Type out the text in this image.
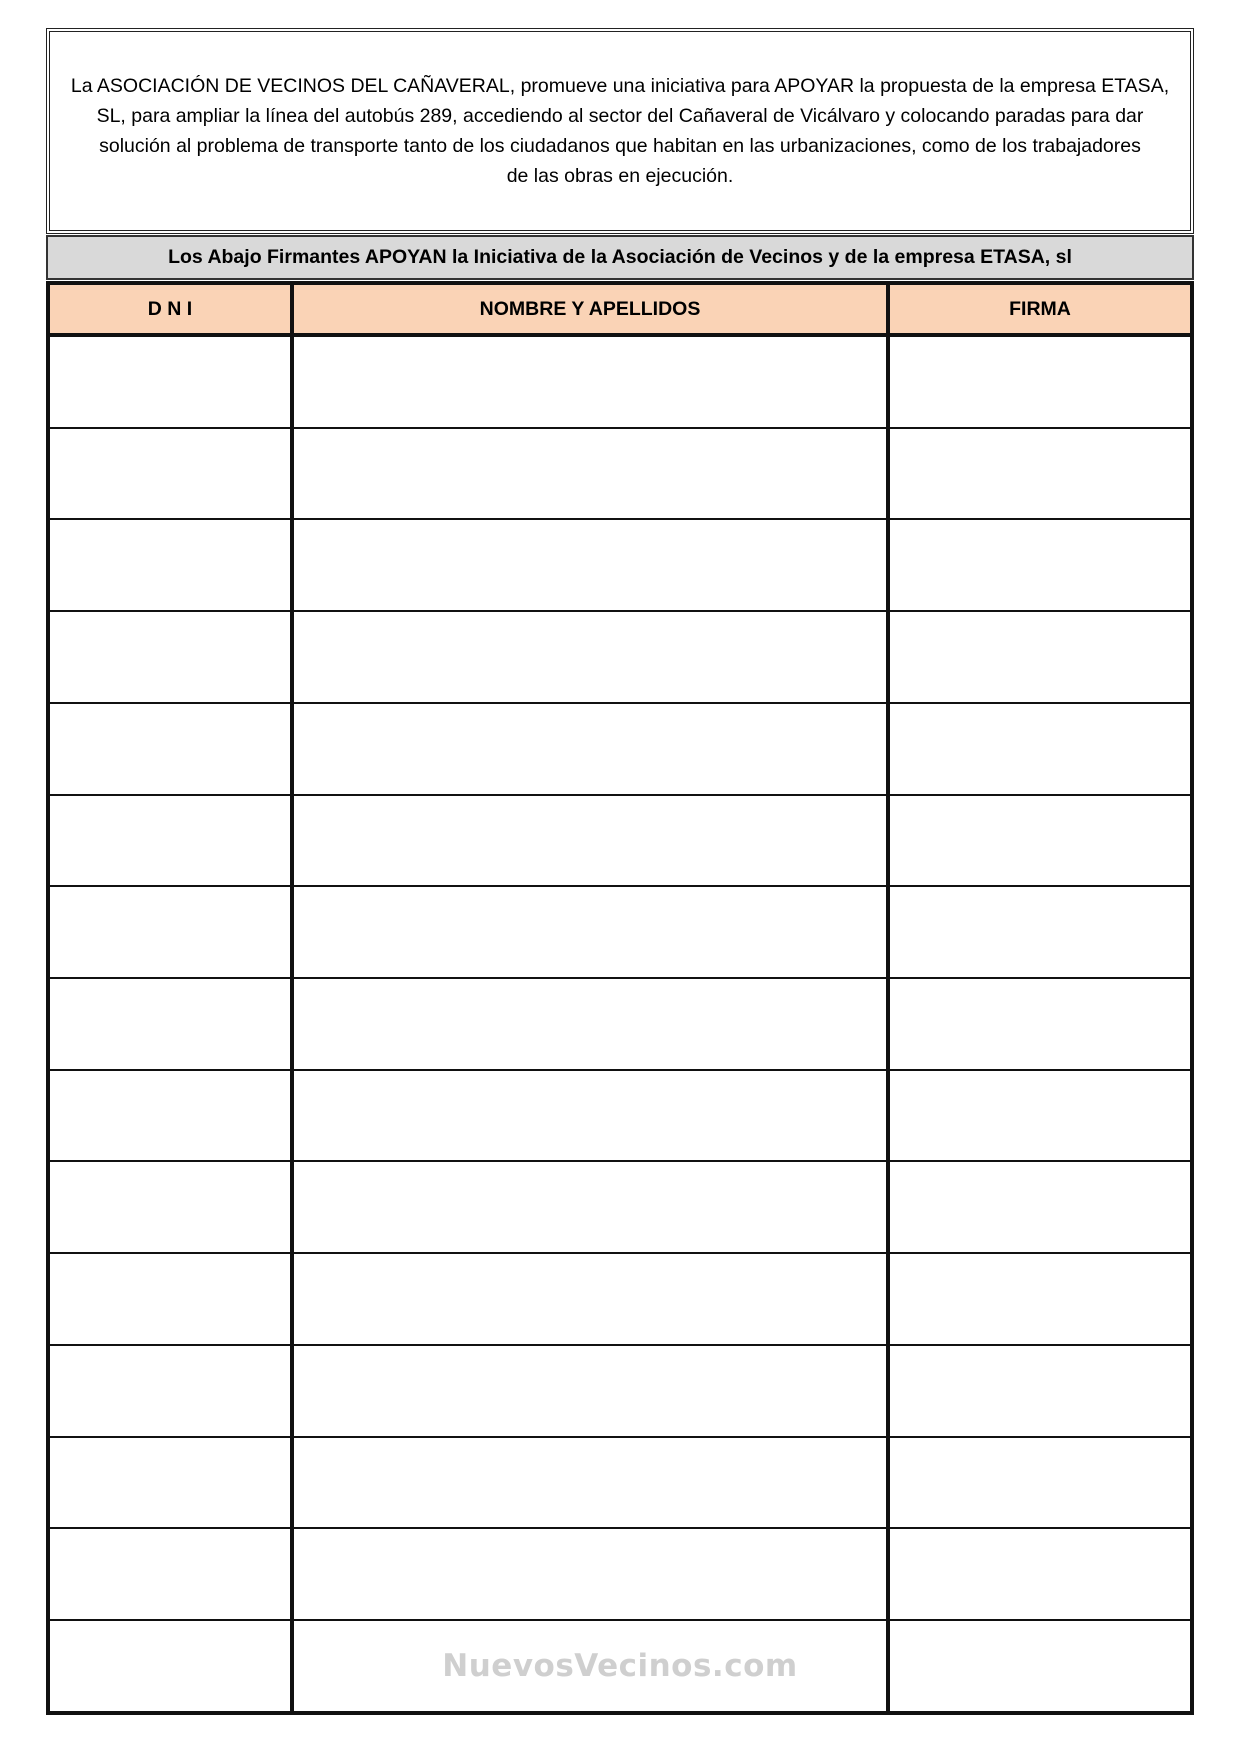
La ASOCIACIÓN DE VECINOS DEL CAÑAVERAL, promueve una iniciativa para APOYAR la propuesta de la empresa ETASA,
SL, para ampliar la línea del autobús 289, accediendo al sector del Cañaveral de Vicálvaro y colocando paradas para dar
solución al problema de transporte tanto de los ciudadanos que habitan en las urbanizaciones, como de los trabajadores
de las obras en ejecución.

Los Abajo Firmantes APOYAN la Iniciativa de la Asociación de Vecinos y de la empresa ETASA, sl
D N I	NOMBRE Y APELLIDOS	FIRMA

NuevosVecinos.com
